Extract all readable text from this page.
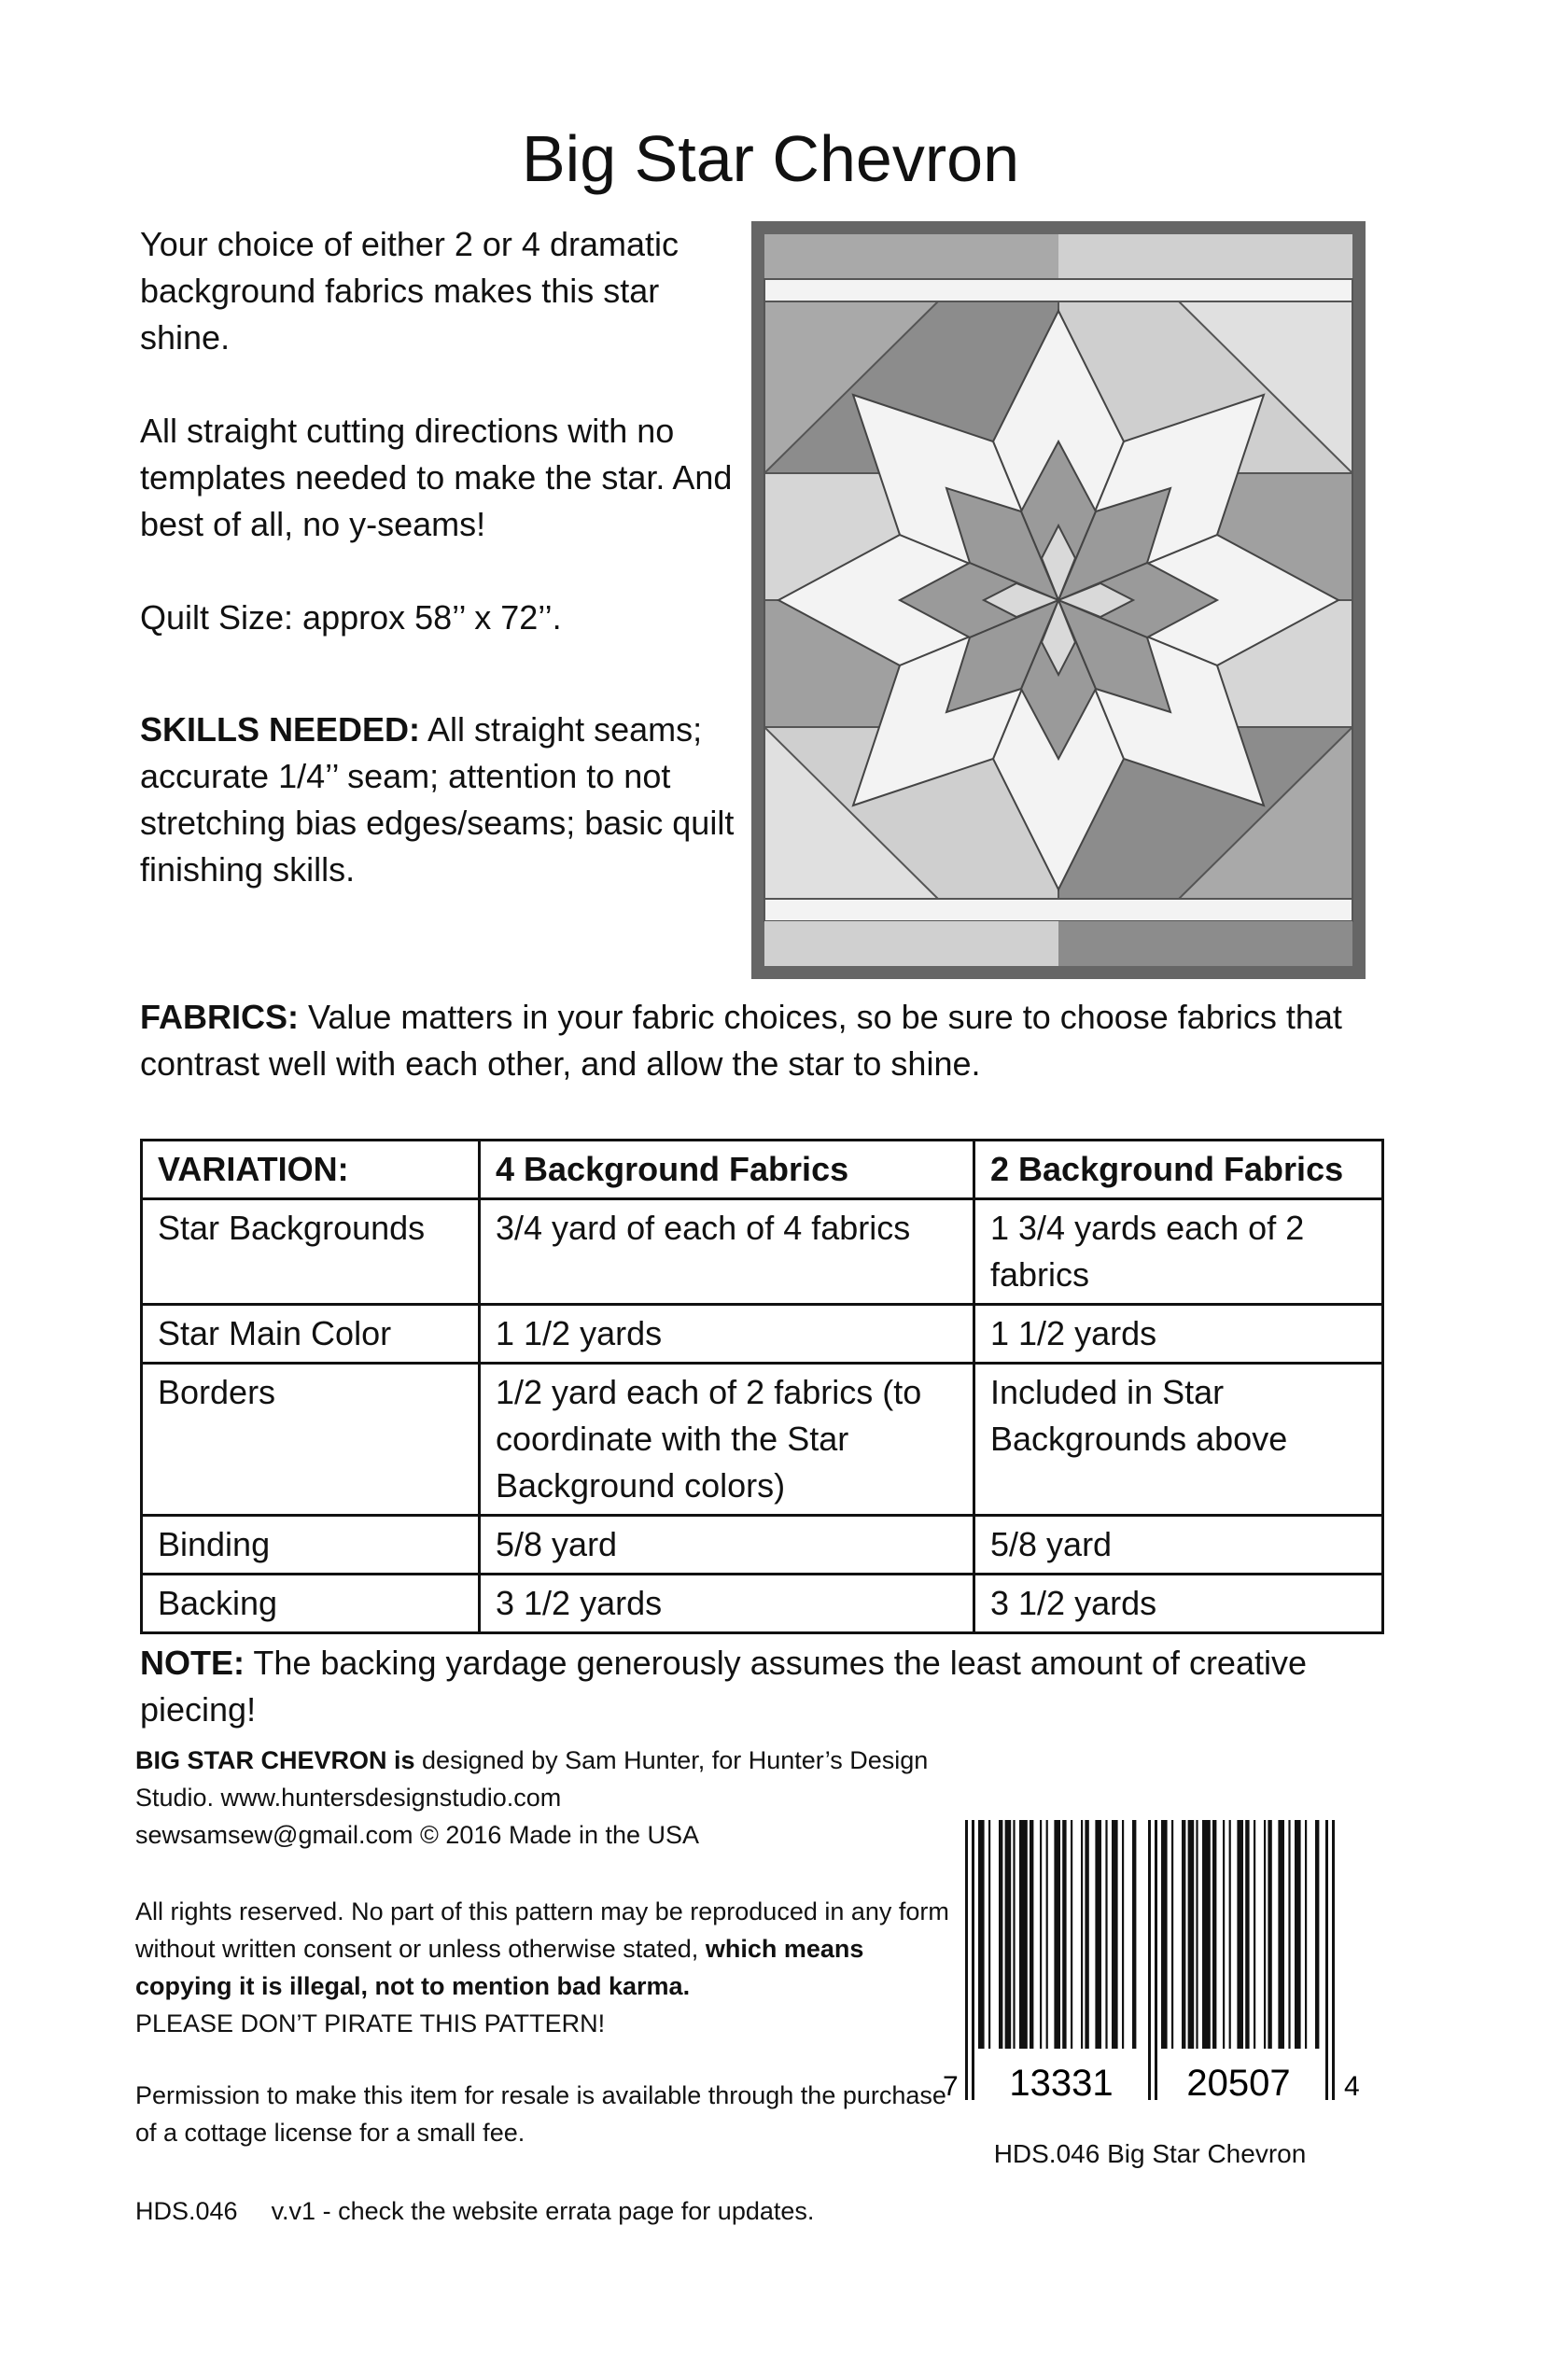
Big Star Chevron

Your choice of either 2 or 4 dramatic background fabrics makes this star shine.

All straight cutting directions with no templates needed to make the star. And best of all, no y-seams!

Quilt Size: approx 58’’ x 72’’.

SKILLS NEEDED: All straight seams; accurate 1/4’’ seam; attention to not stretching bias edges/seams; basic quilt finishing skills.
FABRICS: Value matters in your fabric choices, so be sure to choose fabrics that contrast well with each other, and allow the star to shine.
VARIATION:	4 Background Fabrics	2 Background Fabrics
Star Backgrounds	3/4 yard of each of 4 fabrics	1 3/4 yards each of 2 fabrics
Star Main Color	1 1/2 yards	1 1/2 yards
Borders	1/2 yard each of 2 fabrics (to coordinate with the Star Background colors)	Included in Star Backgrounds above
Binding	5/8 yard	5/8 yard
Backing	3 1/2 yards	3 1/2 yards
NOTE: The backing yardage generously assumes the least amount of creative piecing!
BIG STAR CHEVRON is designed by Sam Hunter, for Hunter’s Design Studio. www.huntersdesignstudio.com
sewsamsew@gmail.com © 2016 Made in the USA
All rights reserved. No part of this pattern may be reproduced in any form without written consent or unless otherwise stated, which means copying it is illegal, not to mention bad karma.
PLEASE DON’T PIRATE THIS PATTERN!
Permission to make this item for resale is available through the purchase of a cottage license for a small fee.
HDS.046 v.v1 - check the website errata page for updates.
7 13331 20507 4
HDS.046 Big Star Chevron
